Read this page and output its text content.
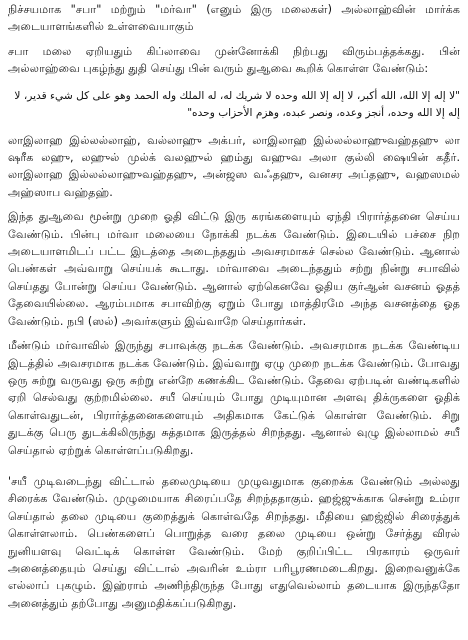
நிச்சயமாக "சபா" மற்றும் "மர்வா" (எனும் இரு மலைகள்) அல்லாஹ்வின் மார்க்க அடையாளங்களில் உள்ளவையாகும்

சபா மலை ஏறியதும் கிப்லாவை முன்னோக்கி நிற்பது விரும்பத்தக்கது. பின் அல்லாஹ்வை புகழ்ந்து துதி செய்து பின் வரும் துஆவை கூறிக் கொள்ள வேண்டும்:

"لا إله إلا الله، الله أكبر، لا إله إلا الله وحده لا شريك له، له الملك وله الحمد وهو على كل شيء قدير، لا إله إلا الله وحده، أنجز وعده، ونصر عبده، وهزم الأحزاب وحده"

லாஇலாஹ இல்லல்லாஹ், வல்லாஹு அக்பர், லாஇலாஹ இல்லல்லாஹுவஹ்தஹு லா ஷரீக லஹு, லஹுல் முல்க் வலஹுல் ஹம்து வஹுவ அலா குல்லி ஷையின் கதீர். லாஇலாஹ இல்லல்லாஹுவஹ்தஹு, அன்ஜஸ வஃதஹு, வனசர அப்தஹு, வஹஸமல் அஹ்ஸாப வஹ்தஹ்.

இந்த துஆவை மூன்று முறை ஓதி விட்டு இரு கரங்களையும் ஏந்தி பிரார்த்தனை செய்ய வேண்டும். பின்பு மர்வா மலையை நோக்கி நடக்க வேண்டும். இடையில் பச்சை நிற அடையாளமிடப் பட்ட இடத்தை அடைந்ததும் அவசரமாகச் செல்ல வேண்டும். ஆனால் பெண்கள் அவ்வாறு செய்யக் கூடாது. மர்வாவை அடைந்ததும் சற்று நின்று சபாவில் செய்தது போன்று செய்ய வேண்டும். ஆனால் ஏற்கெனவே ஓதிய குர்ஆன் வசனம் ஓதத் தேவையில்லை. ஆரம்பமாக சபாவிற்கு ஏறும் போது மாத்திரமே அந்த வசனத்தை ஓத வேண்டும். நபி (ஸல்) அவர்களும் இவ்வாறே செய்தார்கள்.

மீண்டும் மர்வாவில் இருந்து சபாவுக்கு நடக்க வேண்டும். அவசரமாக நடக்க வேண்டிய இடத்தில் அவசரமாக நடக்க வேண்டும். இவ்வாறு ஏழு முறை நடக்க வேண்டும். போவது ஒரு சுற்று வருவது ஒரு சுற்று என்றே கணக்கிட வேண்டும். தேவை ஏற்படின் வண்டிகளில் ஏறி செல்வது குற்றமில்லை. சயீ செய்யும் போது முடியுமான அளவு திக்ருகளை ஓதிக் கொள்வதுடன், பிரார்த்தனைகளையும் அதிகமாக கேட்டுக் கொள்ள வேண்டும். சிறு துடக்கு பெரு துடக்கிலிருந்து சுத்தமாக இருத்தல் சிறந்தது. ஆனால் வுழு இல்லாமல் சயீ செய்தால் ஏற்றுக் கொள்ளப்படுகிறது.

'சயீ முடிவடைந்து விட்டால் தலைமுடியை முழுவதுமாக குறைக்க வேண்டும் அல்லது சிரைக்க வேண்டும். முழுமையாக சிரைப்பதே சிறந்ததாகும். ஹஜ்ஜுக்காக சென்று உம்ரா செய்தால் தலை முடியை குறைத்துக் கொள்வதே சிறந்தது. மீதியை ஹஜ்ஜில் சிரைத்துக் கொள்ளலாம். பெண்களைப் பொறுத்த வரை தலை முடியை ஒன்று சேர்த்து விரல் நுனியளவு வெட்டிக் கொள்ள வேண்டும். மேற் குறிப்பிட்ட பிரகாரம் ஒருவர் அனைத்தையும் செய்து விட்டால் அவரின் உம்ரா பரிபூரணமடைகிறது. இறைவனுக்கே எல்லாப் புகழும். இஹ்ராம் அணிந்திருந்த போது எதுவெல்லாம் தடையாக இருந்ததோ அனைத்தும் தற்போது அனுமதிக்கப்படுகிறது.
